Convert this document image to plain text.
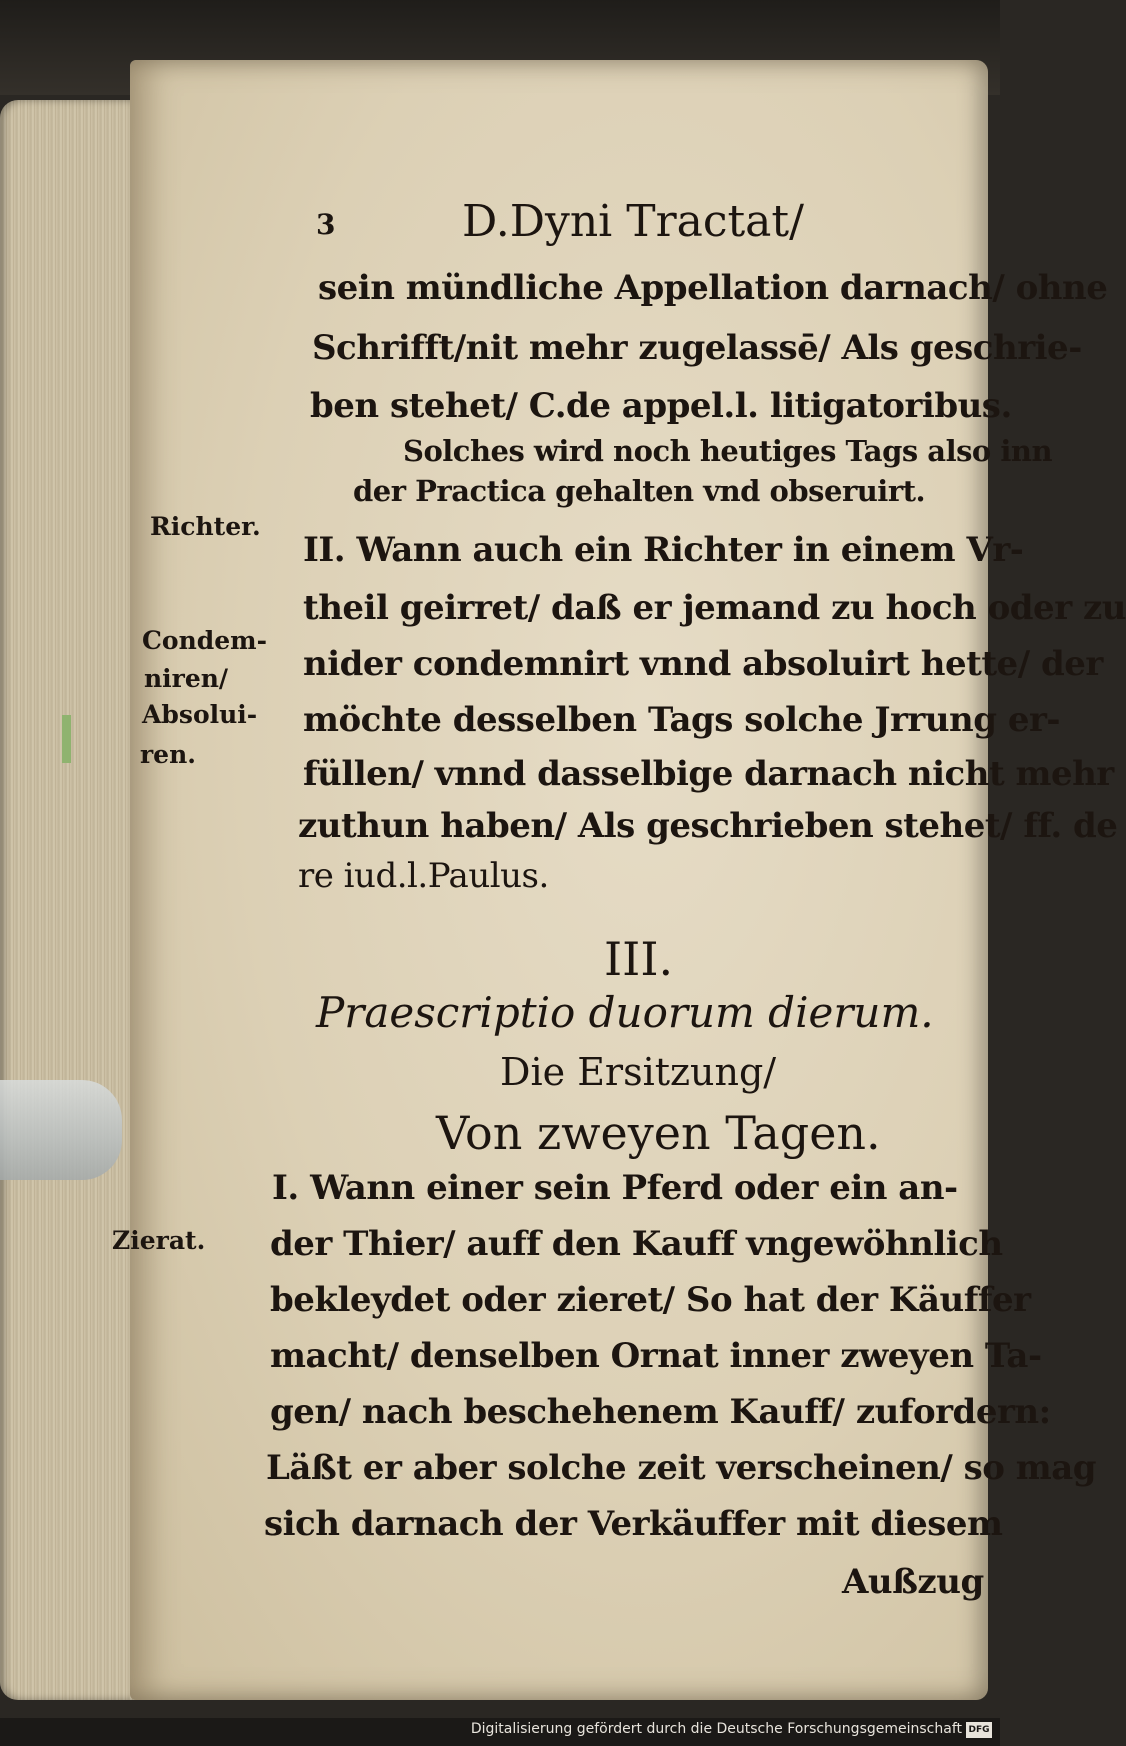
3	D.Dyni Tractat/
sein mündliche Appellation darnach/ ohne
Schrifft/nit mehr zugelassē/ Als geschrie-
ben stehet/ C.de appel.l. litigatoribus.
Solches wird noch heutiges Tags also inn
der Practica gehalten vnd obseruirt.
II. Wann auch ein Richter in einem Vr-
theil geirret/ daß er jemand zu hoch oder zu
nider condemnirt vnnd absoluirt hette/ der
möchte desselben Tags solche Jrrung er-
füllen/ vnnd dasselbige darnach nicht mehr
zuthun haben/ Als geschrieben stehet/ ff. de
re iud.l.Paulus.
Richter.
Condem-
niren/
Absolui-
ren.
Zierat.
III.
Praescriptio duorum dierum.
Die Ersitzung/
Von zweyen Tagen.
I. Wann einer sein Pferd oder ein an-
der Thier/ auff den Kauff vngewöhnlich
bekleydet oder zieret/ So hat der Käuffer
macht/ denselben Ornat inner zweyen Ta-
gen/ nach beschehenem Kauff/ zufordern:
Läßt er aber solche zeit verscheinen/ so mag
sich darnach der Verkäuffer mit diesem
Außzug
Digitalisierung gefördert durch die Deutsche Forschungsgemeinschaft DFG
